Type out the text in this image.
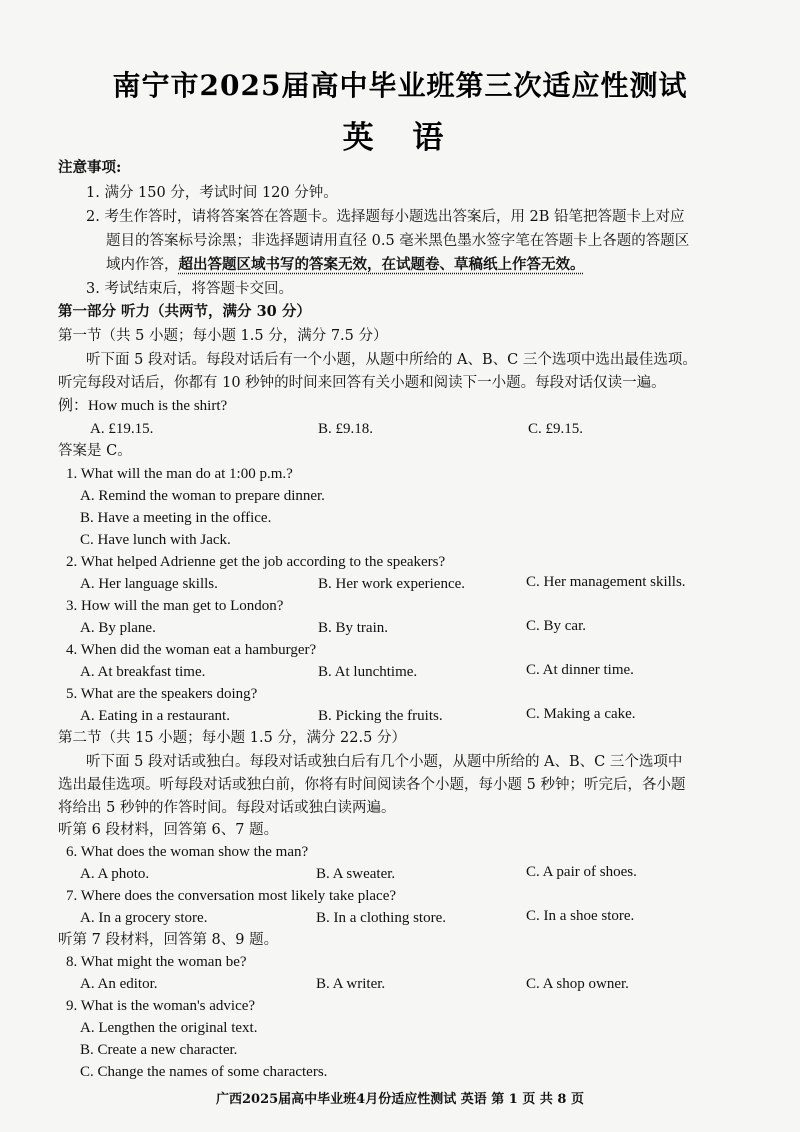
南宁市2025届高中毕业班第三次适应性测试
英 语
注意事项:
1. 满分 150 分，考试时间 120 分钟。
2. 考生作答时，请将答案答在答题卡。选择题每小题选出答案后，用 2B 铅笔把答题卡上对应
题目的答案标号涂黑；非选择题请用直径 0.5 毫米黑色墨水签字笔在答题卡上各题的答题区
域内作答，超出答题区域书写的答案无效，在试题卷、草稿纸上作答无效。
3. 考试结束后，将答题卡交回。
第一部分 听力（共两节，满分 30 分）
第一节（共 5 小题；每小题 1.5 分，满分 7.5 分）
听下面 5 段对话。每段对话后有一个小题，从题中所给的 A、B、C 三个选项中选出最佳选项。
听完每段对话后，你都有 10 秒钟的时间来回答有关小题和阅读下一小题。每段对话仅读一遍。
例：How much is the shirt?
A. £19.15.	B. £9.18.	C. £9.15.
答案是 C。
1. What will the man do at 1:00 p.m.?
A. Remind the woman to prepare dinner.
B. Have a meeting in the office.
C. Have lunch with Jack.
2. What helped Adrienne get the job according to the speakers?
A. Her language skills.	B. Her work experience.	C. Her management skills.
3. How will the man get to London?
A. By plane.	B. By train.	C. By car.
4. When did the woman eat a hamburger?
A. At breakfast time.	B. At lunchtime.	C. At dinner time.
5. What are the speakers doing?
A. Eating in a restaurant.	B. Picking the fruits.	C. Making a cake.
第二节（共 15 小题；每小题 1.5 分，满分 22.5 分）
听下面 5 段对话或独白。每段对话或独白后有几个小题，从题中所给的 A、B、C 三个选项中
选出最佳选项。听每段对话或独白前，你将有时间阅读各个小题，每小题 5 秒钟；听完后，各小题
将给出 5 秒钟的作答时间。每段对话或独白读两遍。
听第 6 段材料，回答第 6、7 题。
6. What does the woman show the man?
A. A photo.	B. A sweater.	C. A pair of shoes.
7. Where does the conversation most likely take place?
A. In a grocery store.	B. In a clothing store.	C. In a shoe store.
听第 7 段材料，回答第 8、9 题。
8. What might the woman be?
A. An editor.	B. A writer.	C. A shop owner.
9. What is the woman's advice?
A. Lengthen the original text.
B. Create a new character.
C. Change the names of some characters.
广西2025届高中毕业班4月份适应性测试 英语 第 1 页 共 8 页
